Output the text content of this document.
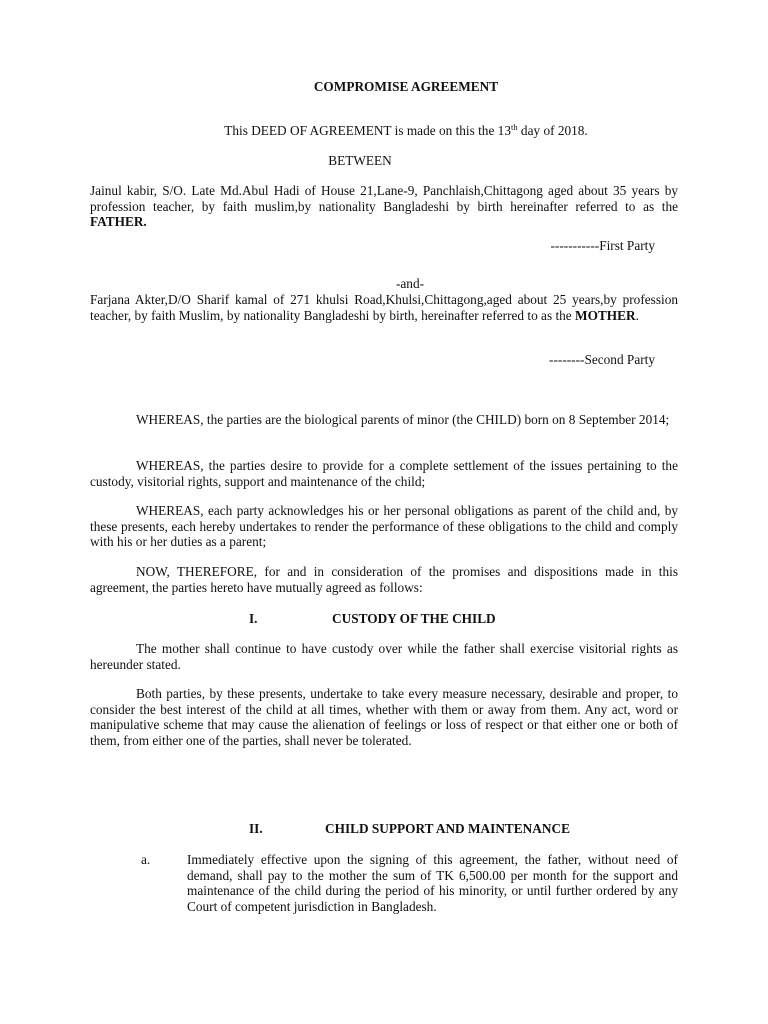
COMPROMISE AGREEMENT
This DEED OF AGREEMENT is made on this the 13th day of 2018.
BETWEEN
Jainul kabir, S/O. Late Md.Abul Hadi of House 21,Lane-9, Panchlaish,Chittagong aged about 35 years by profession teacher, by faith muslim,by nationality Bangladeshi by birth hereinafter referred to as the FATHER.
-----------First Party
-and-
Farjana Akter,D/O Sharif kamal of 271 khulsi Road,Khulsi,Chittagong,aged about 25 years,by profession teacher, by faith Muslim, by nationality Bangladeshi by birth, hereinafter referred to as the MOTHER.
--------Second Party

WHEREAS, the parties are the biological parents of minor (the CHILD) born on 8 September 2014;

WHEREAS, the parties desire to provide for a complete settlement of the issues pertaining to the custody, visitorial rights, support and maintenance of the child;

WHEREAS, each party acknowledges his or her personal obligations as parent of the child and, by these presents, each hereby undertakes to render the performance of these obligations to the child and comply with his or her duties as a parent;

NOW, THEREFORE, for and in consideration of the promises and dispositions made in this agreement, the parties hereto have mutually agreed as follows:

I.	CUSTODY OF THE CHILD

The mother shall continue to have custody over while the father shall exercise visitorial rights as hereunder stated.

Both parties, by these presents, undertake to take every measure necessary, desirable and proper, to consider the best interest of the child at all times, whether with them or away from them. Any act, word or manipulative scheme that may cause the alienation of feelings or loss of respect or that either one or both of them, from either one of the parties, shall never be tolerated.

II.	CHILD SUPPORT AND MAINTENANCE
a.	Immediately effective upon the signing of this agreement, the father, without need of demand, shall pay to the mother the sum of TK 6,500.00 per month for the support and maintenance of the child during the period of his minority, or until further ordered by any Court of competent jurisdiction in Bangladesh.
